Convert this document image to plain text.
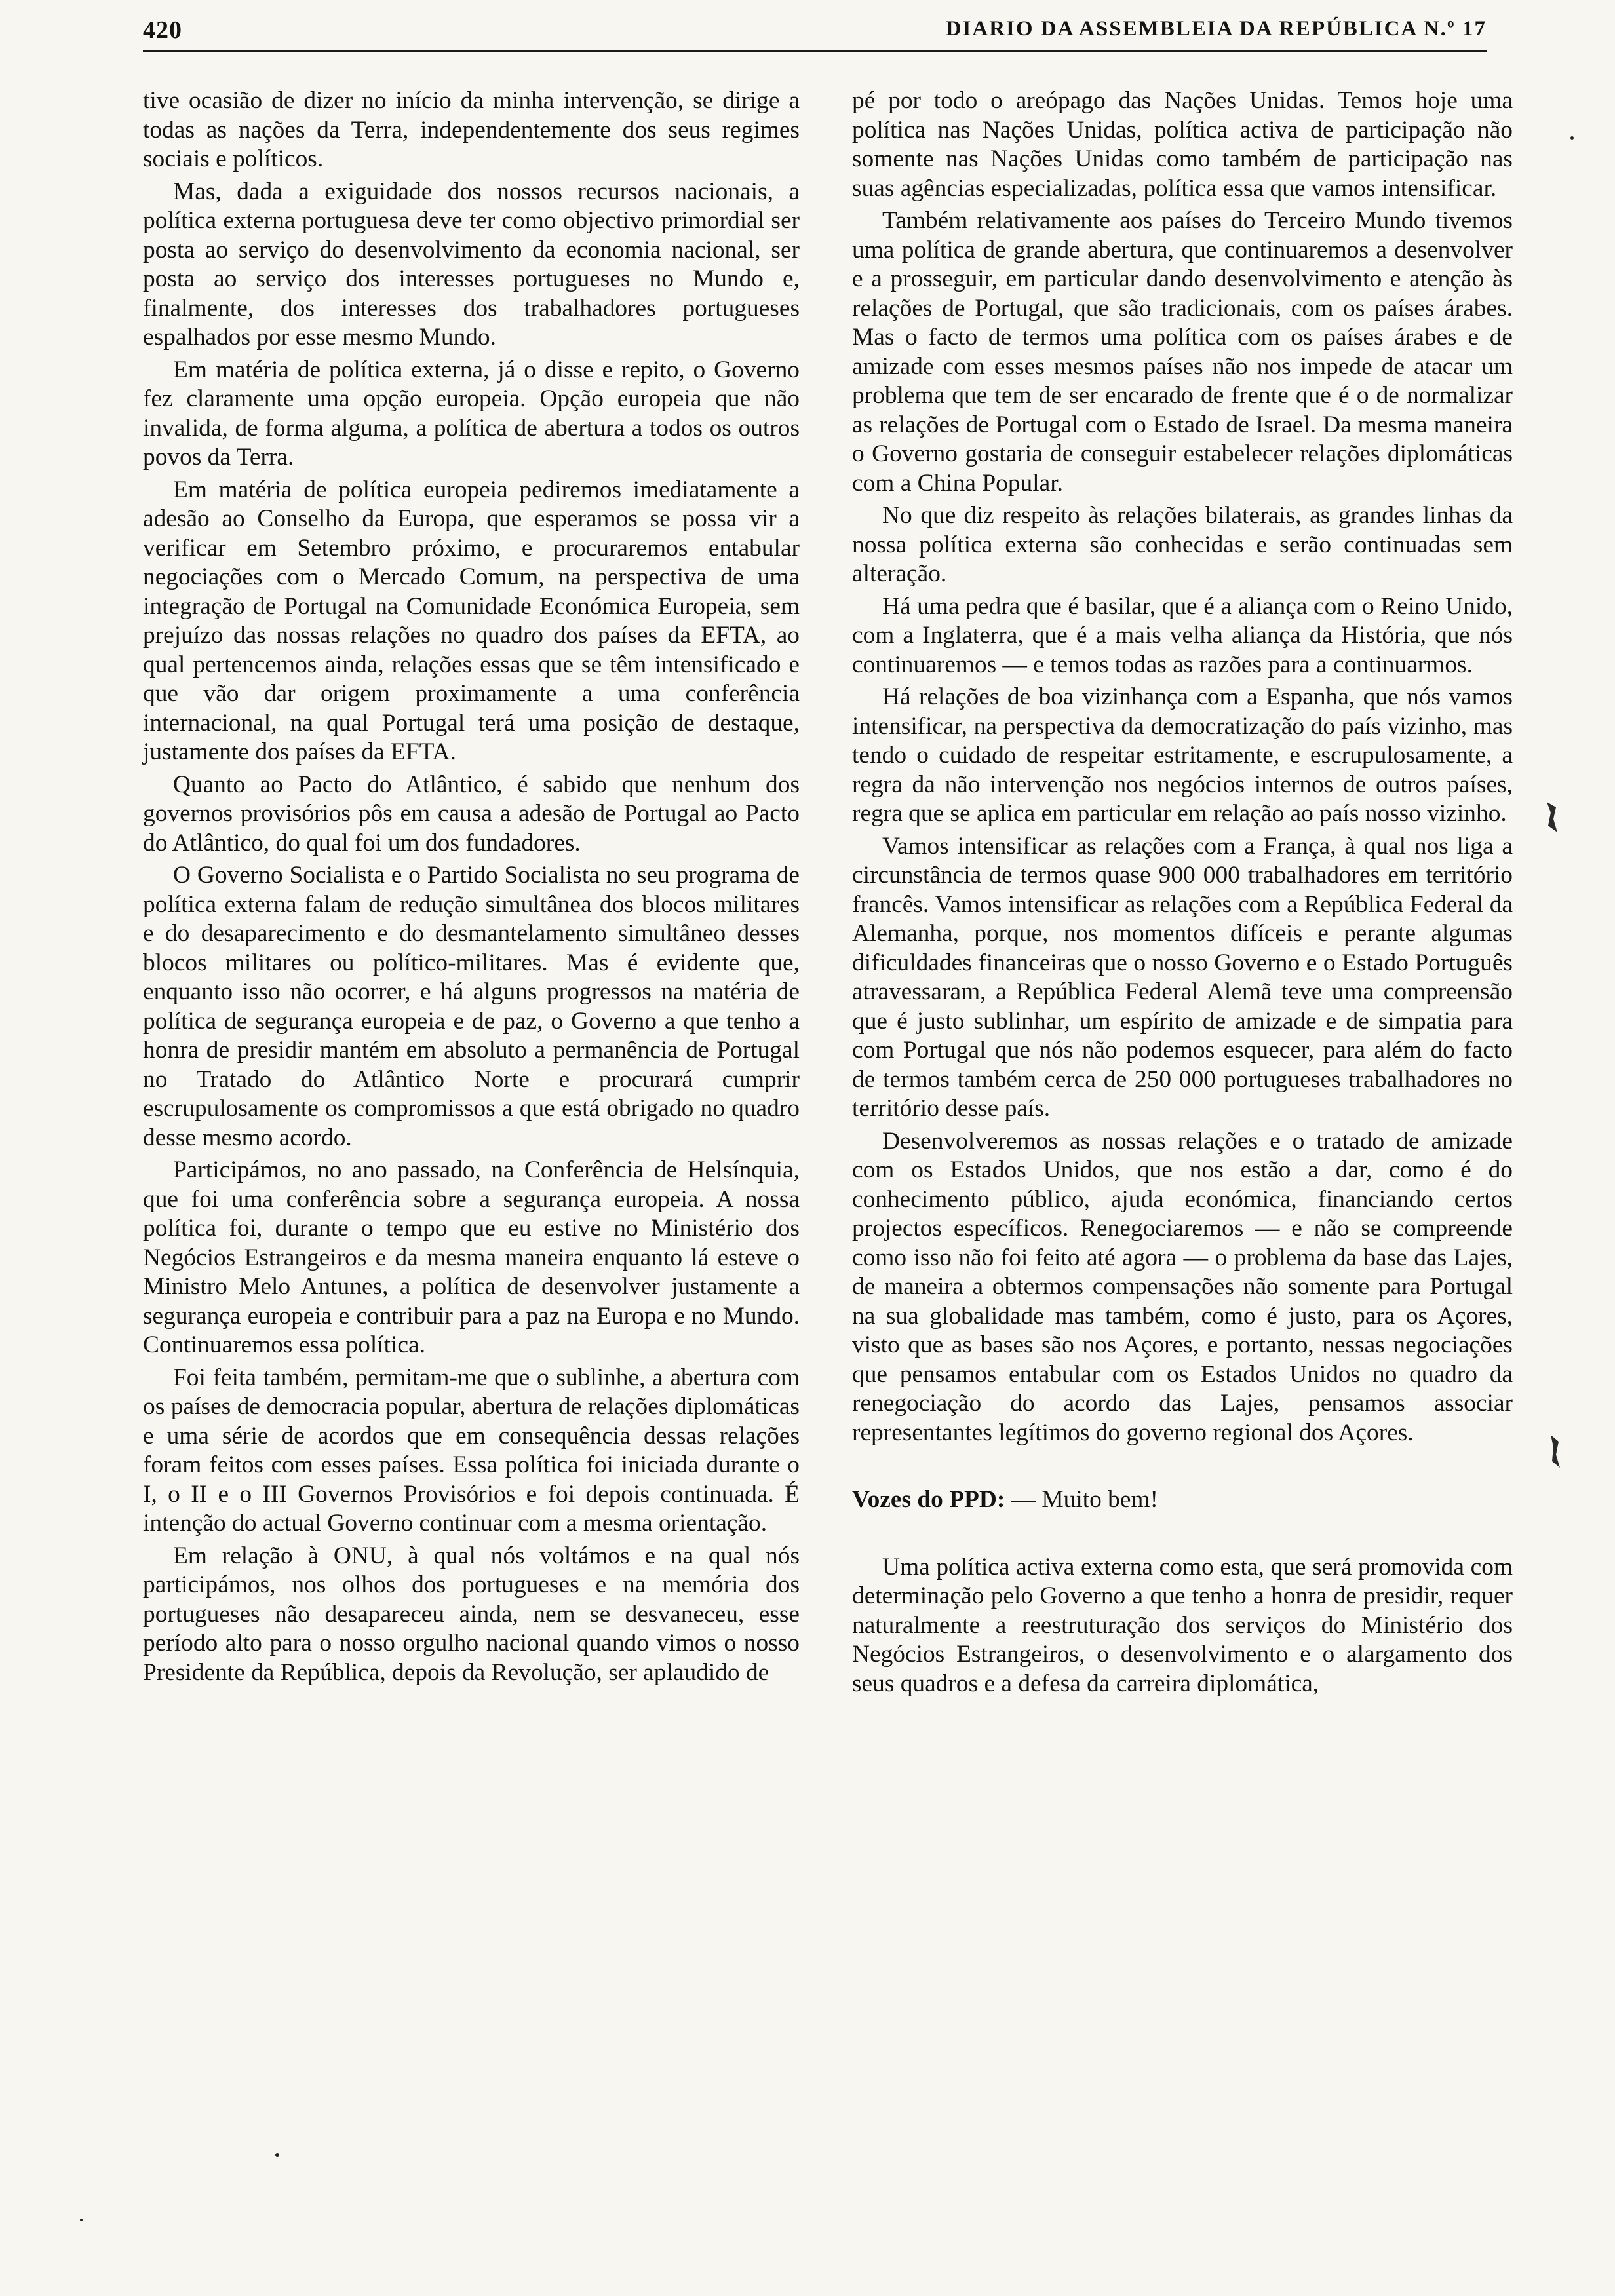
420	DIARIO DA ASSEMBLEIA DA REPÚBLICA N.º 17

tive ocasião de dizer no início da minha intervenção, se dirige a todas as nações da Terra, independentemente dos seus regimes sociais e políticos.

Mas, dada a exiguidade dos nossos recursos nacionais, a política externa portuguesa deve ter como objectivo primordial ser posta ao serviço do desenvolvimento da economia nacional, ser posta ao serviço dos interesses portugueses no Mundo e, finalmente, dos interesses dos trabalhadores portugueses espalhados por esse mesmo Mundo.

Em matéria de política externa, já o disse e repito, o Governo fez claramente uma opção europeia. Opção europeia que não invalida, de forma alguma, a política de abertura a todos os outros povos da Terra.

Em matéria de política europeia pediremos imediatamente a adesão ao Conselho da Europa, que esperamos se possa vir a verificar em Setembro próximo, e procuraremos entabular negociações com o Mercado Comum, na perspectiva de uma integração de Portugal na Comunidade Económica Europeia, sem prejuízo das nossas relações no quadro dos países da EFTA, ao qual pertencemos ainda, relações essas que se têm intensificado e que vão dar origem proximamente a uma conferência internacional, na qual Portugal terá uma posição de destaque, justamente dos países da EFTA.

Quanto ao Pacto do Atlântico, é sabido que nenhum dos governos provisórios pôs em causa a adesão de Portugal ao Pacto do Atlântico, do qual foi um dos fundadores.

O Governo Socialista e o Partido Socialista no seu programa de política externa falam de redução simultânea dos blocos militares e do desaparecimento e do desmantelamento simultâneo desses blocos militares ou político-militares. Mas é evidente que, enquanto isso não ocorrer, e há alguns progressos na matéria de política de segurança europeia e de paz, o Governo a que tenho a honra de presidir mantém em absoluto a permanência de Portugal no Tratado do Atlântico Norte e procurará cumprir escrupulosamente os compromissos a que está obrigado no quadro desse mesmo acordo.

Participámos, no ano passado, na Conferência de Helsínquia, que foi uma conferência sobre a segurança europeia. A nossa política foi, durante o tempo que eu estive no Ministério dos Negócios Estrangeiros e da mesma maneira enquanto lá esteve o Ministro Melo Antunes, a política de desenvolver justamente a segurança europeia e contribuir para a paz na Europa e no Mundo. Continuaremos essa política.

Foi feita também, permitam-me que o sublinhe, a abertura com os países de democracia popular, abertura de relações diplomáticas e uma série de acordos que em consequência dessas relações foram feitos com esses países. Essa política foi iniciada durante o I, o II e o III Governos Provisórios e foi depois continuada. É intenção do actual Governo continuar com a mesma orientação.

Em relação à ONU, à qual nós voltámos e na qual nós participámos, nos olhos dos portugueses e na memória dos portugueses não desapareceu ainda, nem se desvaneceu, esse período alto para o nosso orgulho nacional quando vimos o nosso Presidente da República, depois da Revolução, ser aplaudido de

pé por todo o areópago das Nações Unidas. Temos hoje uma política nas Nações Unidas, política activa de participação não somente nas Nações Unidas como também de participação nas suas agências especializadas, política essa que vamos intensificar.

Também relativamente aos países do Terceiro Mundo tivemos uma política de grande abertura, que continuaremos a desenvolver e a prosseguir, em particular dando desenvolvimento e atenção às relações de Portugal, que são tradicionais, com os países árabes. Mas o facto de termos uma política com os países árabes e de amizade com esses mesmos países não nos impede de atacar um problema que tem de ser encarado de frente que é o de normalizar as relações de Portugal com o Estado de Israel. Da mesma maneira o Governo gostaria de conseguir estabelecer relações diplomáticas com a China Popular.

No que diz respeito às relações bilaterais, as grandes linhas da nossa política externa são conhecidas e serão continuadas sem alteração.

Há uma pedra que é basilar, que é a aliança com o Reino Unido, com a Inglaterra, que é a mais velha aliança da História, que nós continuaremos — e temos todas as razões para a continuarmos.

Há relações de boa vizinhança com a Espanha, que nós vamos intensificar, na perspectiva da democratização do país vizinho, mas tendo o cuidado de respeitar estritamente, e escrupulosamente, a regra da não intervenção nos negócios internos de outros países, regra que se aplica em particular em relação ao país nosso vizinho.

Vamos intensificar as relações com a França, à qual nos liga a circunstância de termos quase 900 000 trabalhadores em território francês. Vamos intensificar as relações com a República Federal da Alemanha, porque, nos momentos difíceis e perante algumas dificuldades financeiras que o nosso Governo e o Estado Português atravessaram, a República Federal Alemã teve uma compreensão que é justo sublinhar, um espírito de amizade e de simpatia para com Portugal que nós não podemos esquecer, para além do facto de termos também cerca de 250 000 portugueses trabalhadores no território desse país.

Desenvolveremos as nossas relações e o tratado de amizade com os Estados Unidos, que nos estão a dar, como é do conhecimento público, ajuda económica, financiando certos projectos específicos. Renegociaremos — e não se compreende como isso não foi feito até agora — o problema da base das Lajes, de maneira a obtermos compensações não somente para Portugal na sua globalidade mas também, como é justo, para os Açores, visto que as bases são nos Açores, e portanto, nessas negociações que pensamos entabular com os Estados Unidos no quadro da renegociação do acordo das Lajes, pensamos associar representantes legítimos do governo regional dos Açores.

Vozes do PPD: — Muito bem!

Uma política activa externa como esta, que será promovida com determinação pelo Governo a que tenho a honra de presidir, requer naturalmente a reestruturação dos serviços do Ministério dos Negócios Estrangeiros, o desenvolvimento e o alargamento dos seus quadros e a defesa da carreira diplomática,
